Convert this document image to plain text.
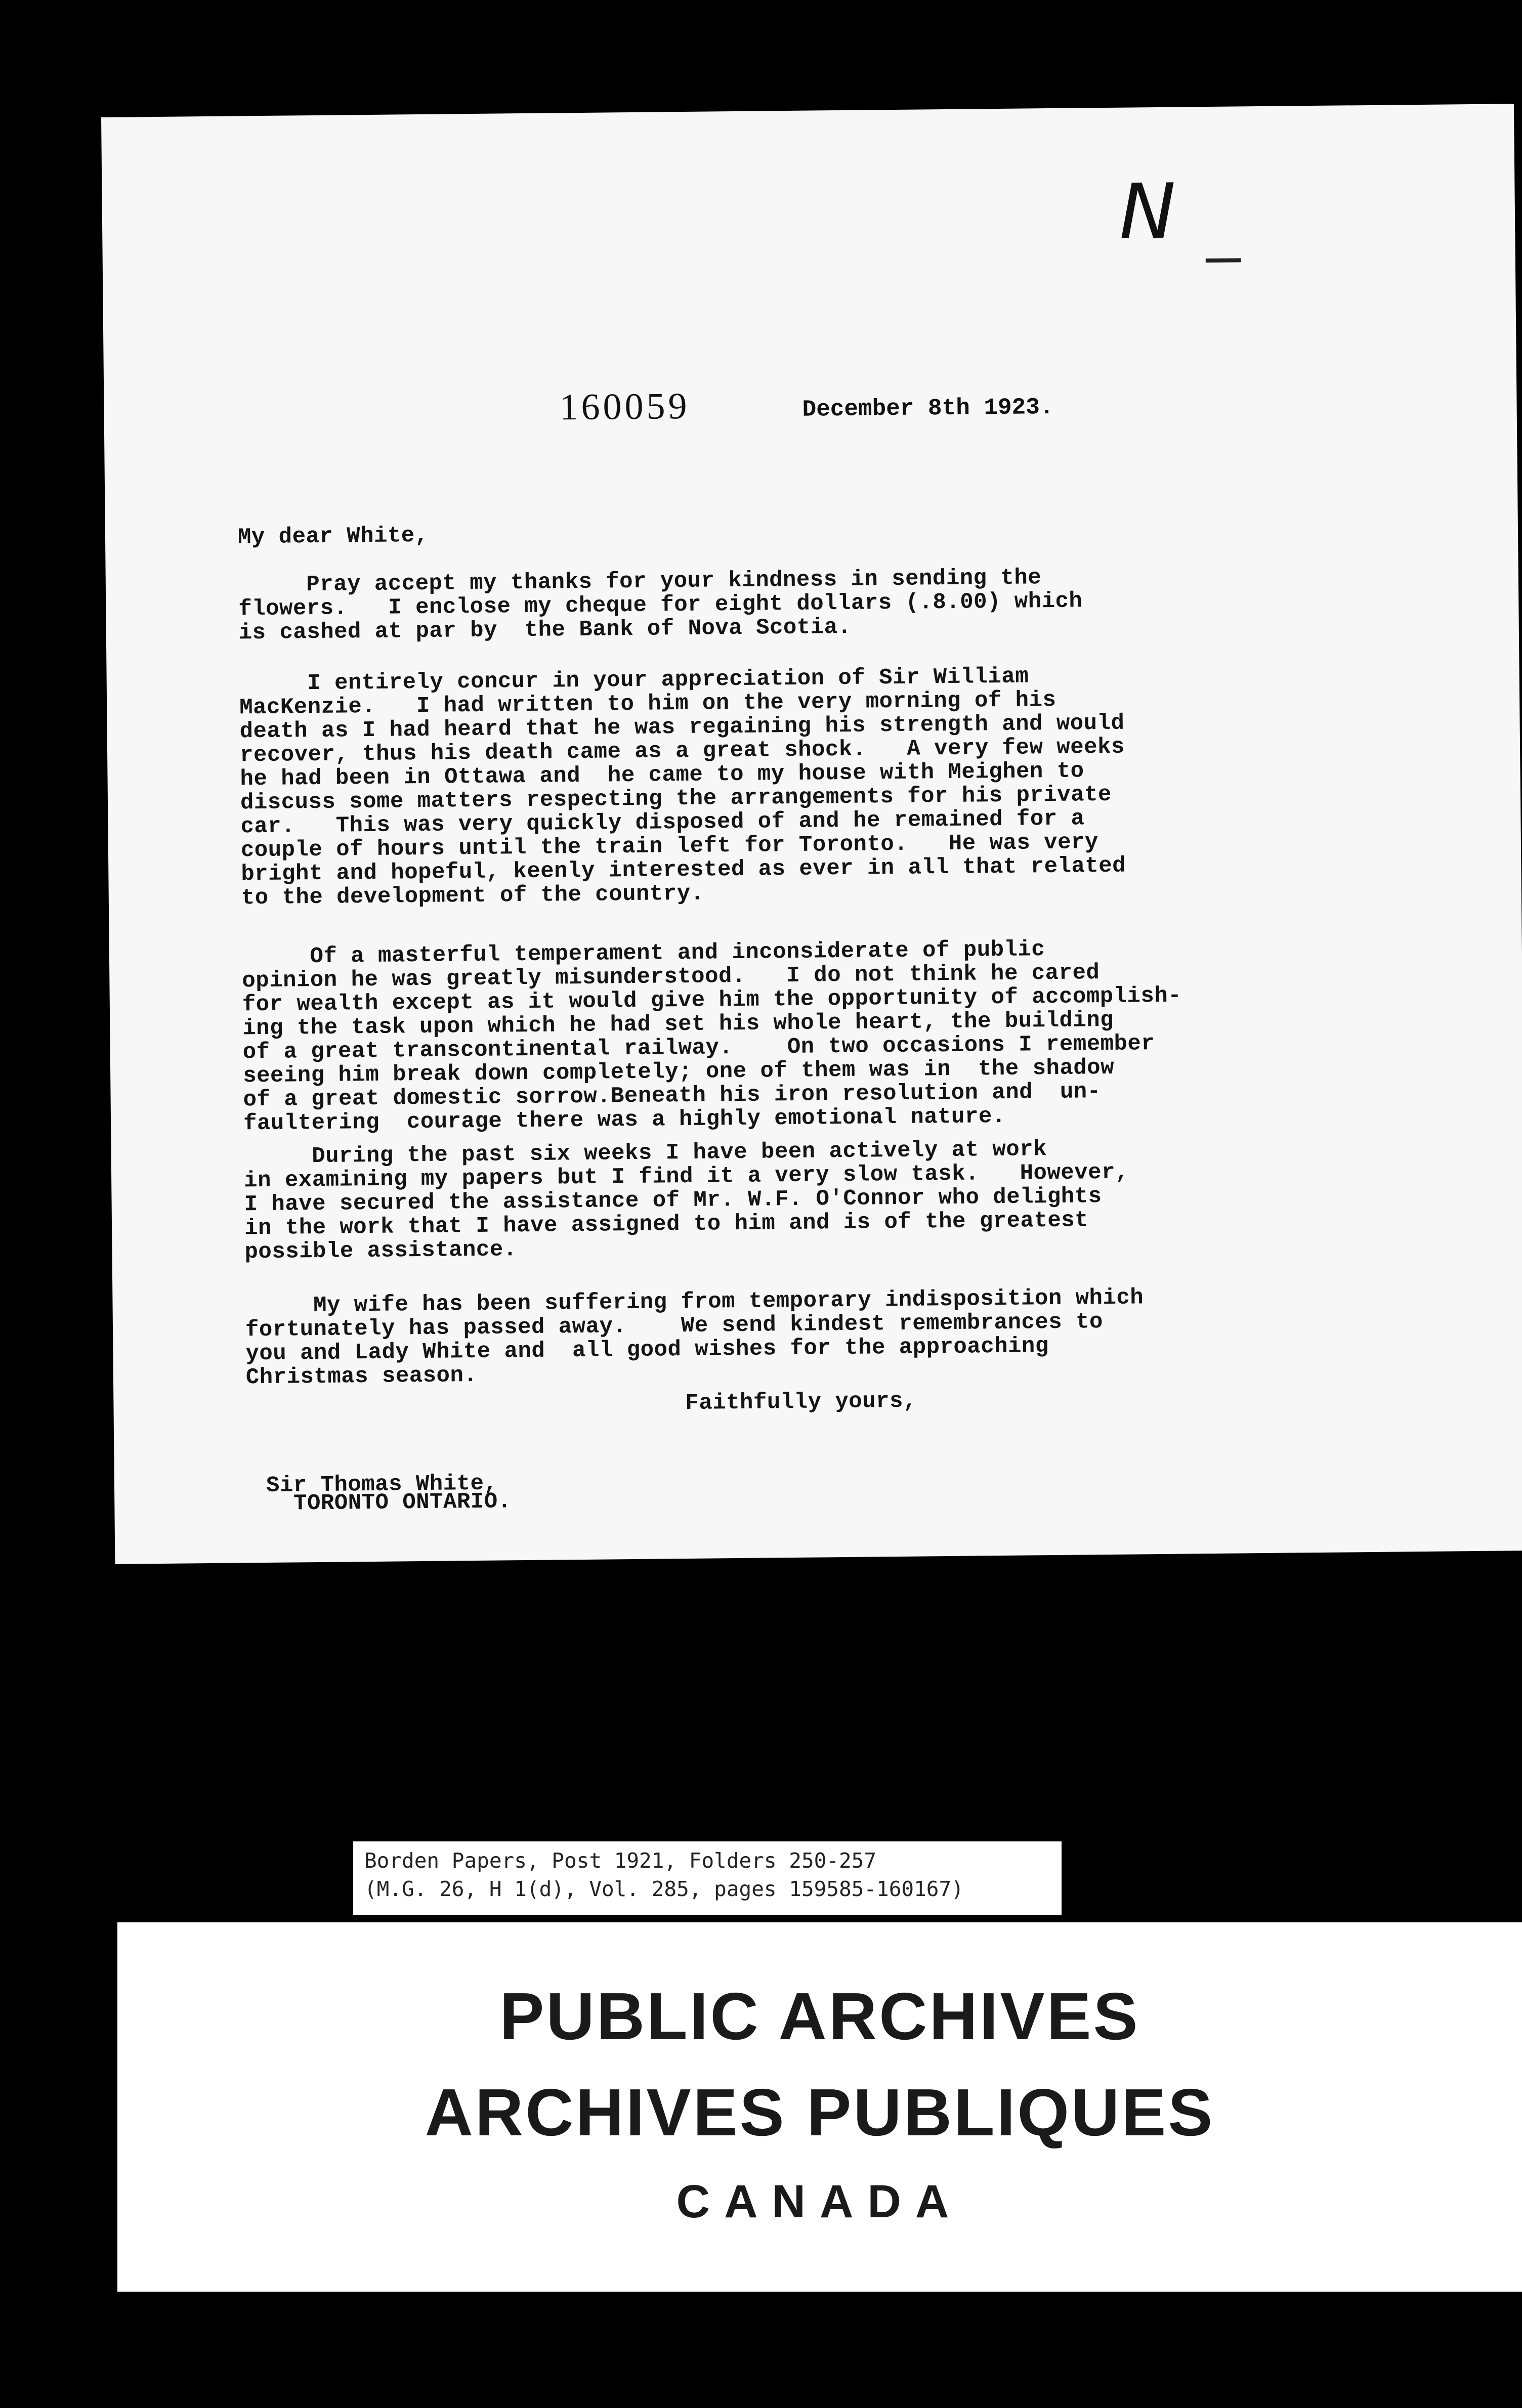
N
160059	December 8th 1923.
My dear White,
Pray accept my thanks for your kindness in sending the
flowers.   I enclose my cheque for eight dollars (.8.00) which
is cashed at par by  the Bank of Nova Scotia.
I entirely concur in your appreciation of Sir William
MacKenzie.   I had written to him on the very morning of his
death as I had heard that he was regaining his strength and would
recover, thus his death came as a great shock.   A very few weeks
he had been in Ottawa and  he came to my house with Meighen to
discuss some matters respecting the arrangements for his private
car.   This was very quickly disposed of and he remained for a
couple of hours until the train left for Toronto.   He was very
bright and hopeful, keenly interested as ever in all that related
to the development of the country.
Of a masterful temperament and inconsiderate of public
opinion he was greatly misunderstood.   I do not think he cared
for wealth except as it would give him the opportunity of accomplish-
ing the task upon which he had set his whole heart, the building
of a great transcontinental railway.    On two occasions I remember
seeing him break down completely; one of them was in  the shadow
of a great domestic sorrow.Beneath his iron resolution and  un-
faultering  courage there was a highly emotional nature.
During the past six weeks I have been actively at work
in examining my papers but I find it a very slow task.   However,
I have secured the assistance of Mr. W.F. O'Connor who delights
in the work that I have assigned to him and is of the greatest
possible assistance.
My wife has been suffering from temporary indisposition which
fortunately has passed away.    We send kindest remembrances to
you and Lady White and  all good wishes for the approaching
Christmas season.
Faithfully yours,
Sir Thomas White,
TORONTO ONTARIO.
Borden Papers, Post 1921, Folders 250-257
(M.G. 26, H 1(d), Vol. 285, pages 159585-160167)
PUBLIC ARCHIVES
ARCHIVES PUBLIQUES
CANADA
